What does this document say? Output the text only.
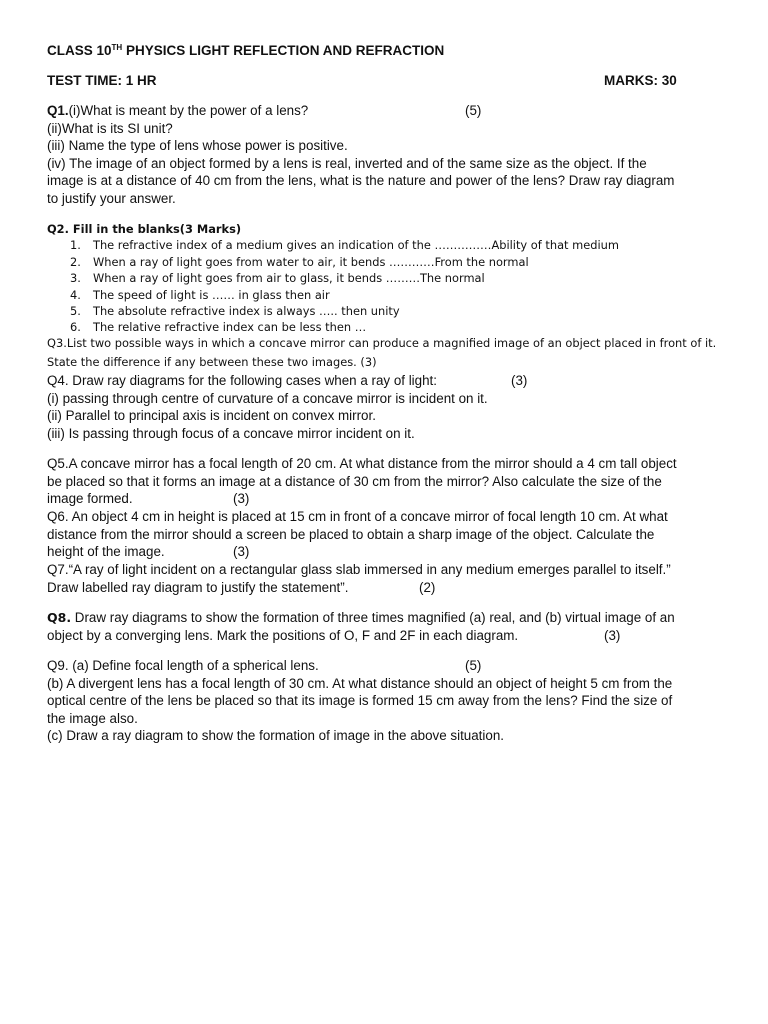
CLASS 10TH PHYSICS LIGHT REFLECTION AND REFRACTION
TEST TIME: 1 HR	MARKS: 30
Q1.(i)What is meant by the power of a lens?	(5)
(ii)What is its SI unit?
(iii) Name the type of lens whose power is positive.
(iv) The image of an object formed by a lens is real, inverted and of the same size as the object. If the
image is at a distance of 40 cm from the lens, what is the nature and power of the lens? Draw ray diagram
to justify your answer.
Q2. Fill in the blanks(3 Marks)
1. The refractive index of a medium gives an indication of the ……………Ability of that medium
2. When a ray of light goes from water to air, it bends …………From the normal
3. When a ray of light goes from air to glass, it bends ………The normal
4. The speed of light is …… in glass then air
5. The absolute refractive index is always ….. then unity
6. The relative refractive index can be less then …
Q3.List two possible ways in which a concave mirror can produce a magnified image of an object placed in front of it.
State the difference if any between these two images. (3)
Q4. Draw ray diagrams for the following cases when a ray of light:	(3)
(i) passing through centre of curvature of a concave mirror is incident on it.
(ii) Parallel to principal axis is incident on convex mirror.
(iii) Is passing through focus of a concave mirror incident on it.
Q5.A concave mirror has a focal length of 20 cm. At what distance from the mirror should a 4 cm tall object
be placed so that it forms an image at a distance of 30 cm from the mirror? Also calculate the size of the
image formed.	(3)
Q6. An object 4 cm in height is placed at 15 cm in front of a concave mirror of focal length 10 cm. At what
distance from the mirror should a screen be placed to obtain a sharp image of the object. Calculate the
height of the image.	(3)
Q7.“A ray of light incident on a rectangular glass slab immersed in any medium emerges parallel to itself.”
Draw labelled ray diagram to justify the statement”.	(2)
Q8. Draw ray diagrams to show the formation of three times magnified (a) real, and (b) virtual image of an
object by a converging lens. Mark the positions of O, F and 2F in each diagram.	(3)
Q9. (a) Define focal length of a spherical lens.	(5)
(b) A divergent lens has a focal length of 30 cm. At what distance should an object of height 5 cm from the
optical centre of the lens be placed so that its image is formed 15 cm away from the lens? Find the size of
the image also.
(c) Draw a ray diagram to show the formation of image in the above situation.
